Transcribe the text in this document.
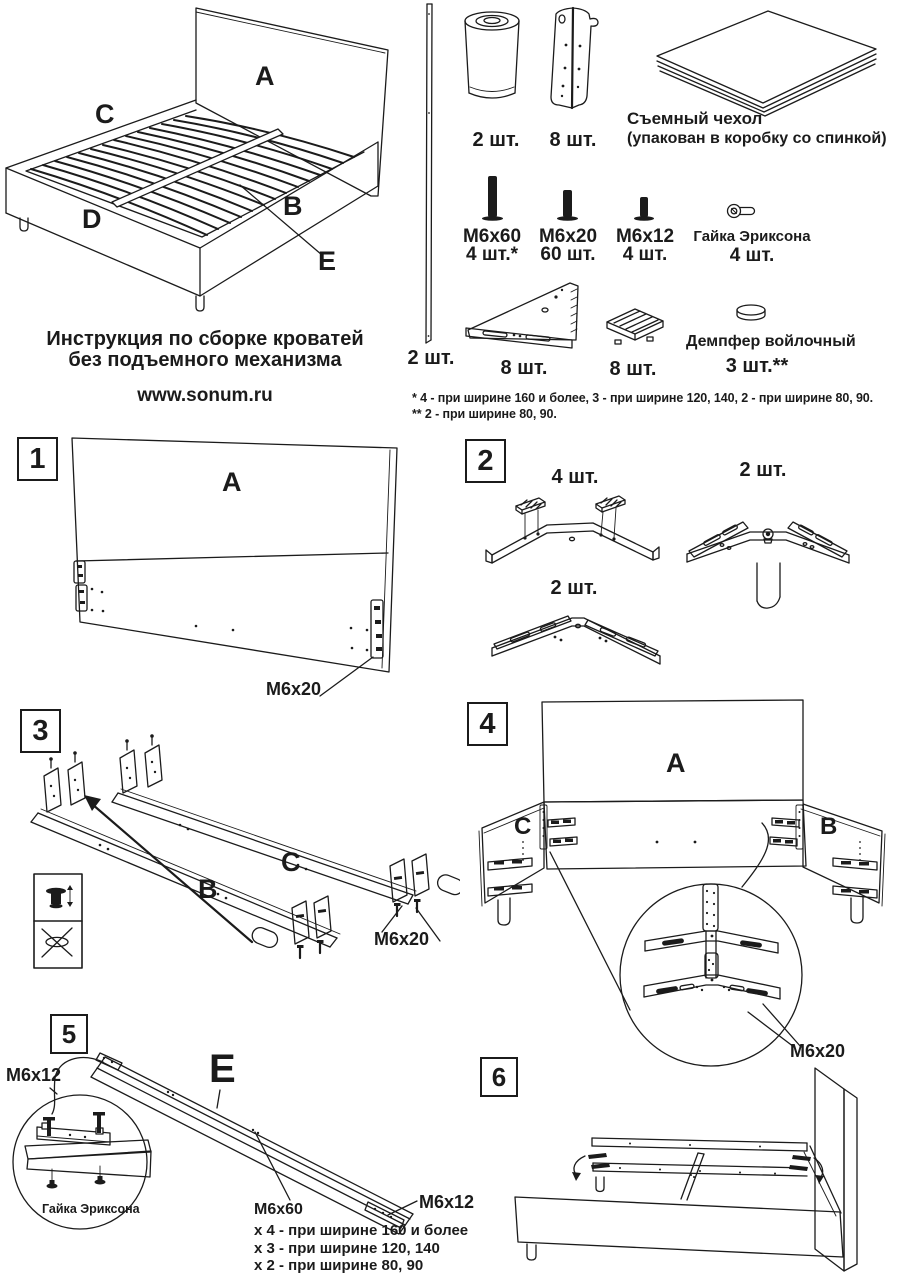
A
C
B
D
E
Инструкция по сборке кроватей
без подъемного механизма
www.sonum.ru
2 шт.
2 шт.	8 шт.
Съемный чехол
(упакован в коробку со спинкой)
M6x60
4 шт.*
M6x20
60 шт.
M6x12
4 шт.
Гайка Эриксона
4 шт.
8 шт.	8 шт.
Демпфер войлочный
3 шт.**
* 4 - при ширине 160 и более, 3 - при ширине 120, 140, 2 - при ширине 80, 90.
** 2 - при ширине 80, 90.
1
A
M6x20
2
4 шт.	2 шт.
2 шт.
3
B
C
M6x20
4
A
C	B
M6x20
5
M6x12	E
Гайка Эриксона	M6x12
M6x60
x 4 - при ширине 160 и более
x 3 - при ширине 120, 140
x 2 - при ширине 80, 90
6
